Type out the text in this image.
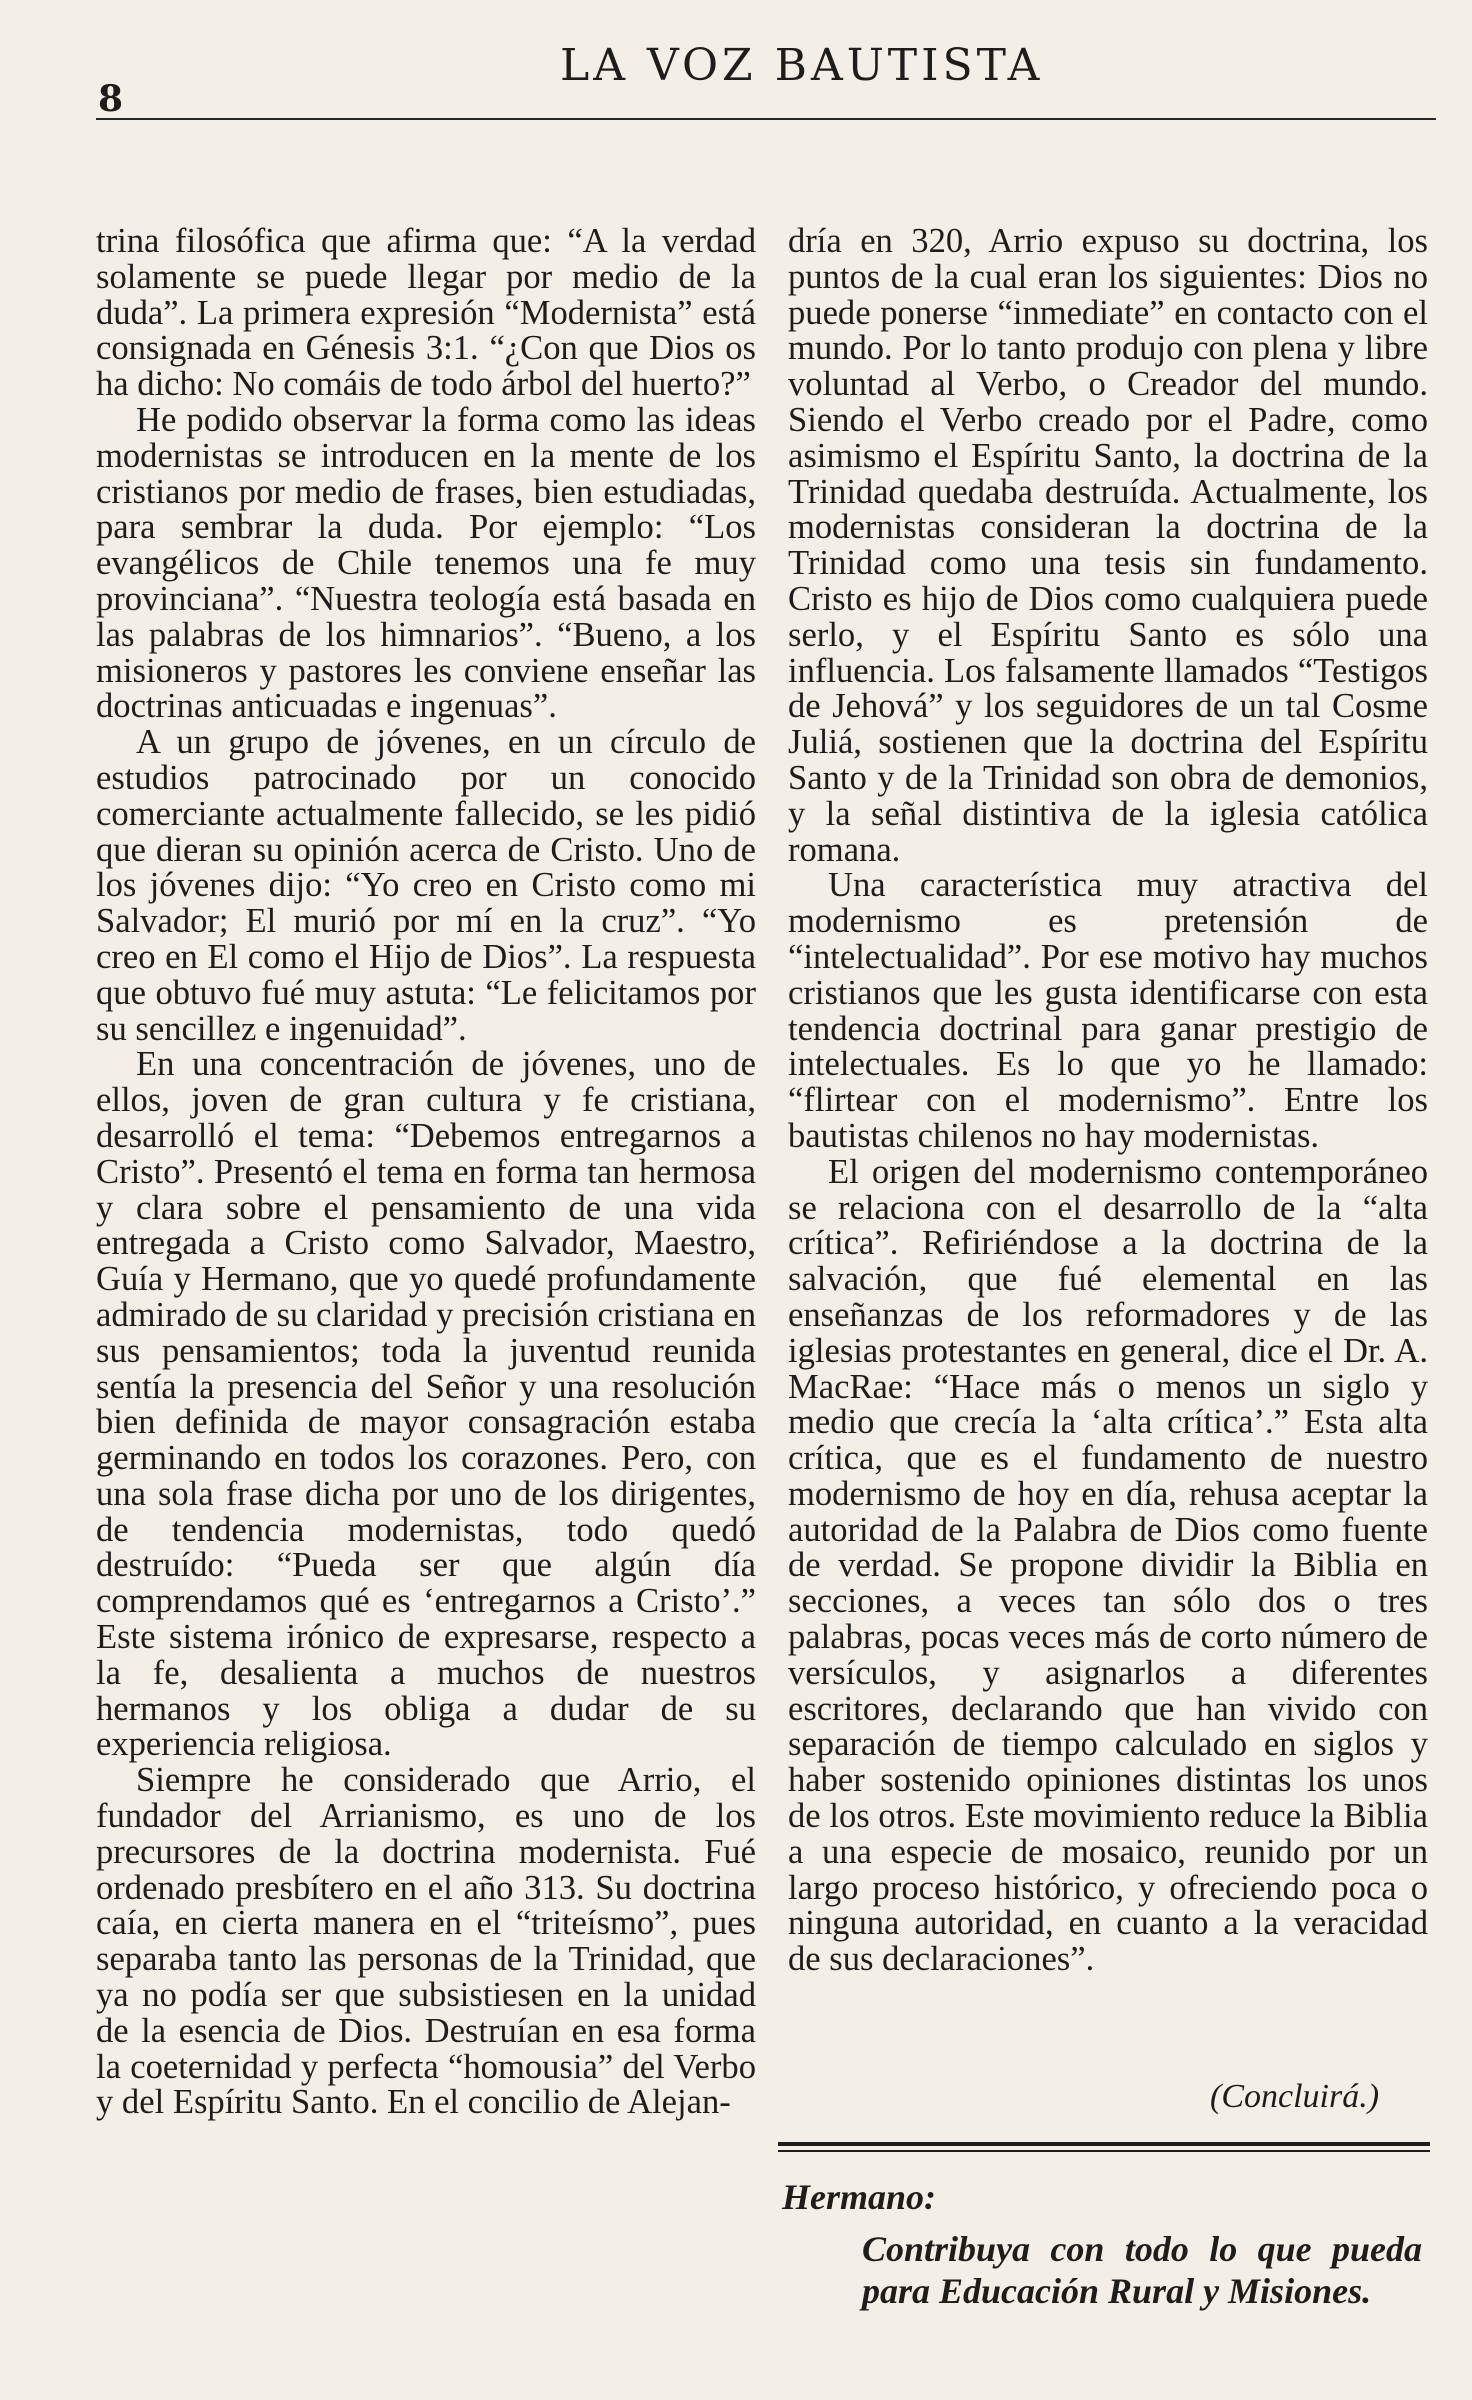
8
LA VOZ BAUTISTA

trina filosófica que afirma que: “A la verdad solamente se puede llegar por medio de la duda”. La primera expresión “Modernista” está consignada en Génesis 3:1. “¿Con que Dios os ha dicho: No comáis de todo árbol del huerto?”

He podido observar la forma como las ideas modernistas se introducen en la mente de los cristianos por medio de frases, bien estudiadas, para sembrar la duda. Por ejemplo: “Los evangélicos de Chile tenemos una fe muy provinciana”. “Nuestra teología está basada en las palabras de los himnarios”. “Bueno, a los misioneros y pastores les conviene enseñar las doctrinas anticuadas e ingenuas”.

A un grupo de jóvenes, en un círculo de estudios patrocinado por un conocido comerciante actualmente fallecido, se les pidió que dieran su opinión acerca de Cristo. Uno de los jóvenes dijo: “Yo creo en Cristo como mi Salvador; El murió por mí en la cruz”. “Yo creo en El como el Hijo de Dios”. La respuesta que obtuvo fué muy astuta: “Le felicitamos por su sencillez e ingenuidad”.

En una concentración de jóvenes, uno de ellos, joven de gran cultura y fe cristiana, desarrolló el tema: “Debemos entregarnos a Cristo”. Presentó el tema en forma tan hermosa y clara sobre el pensamiento de una vida entregada a Cristo como Salvador, Maestro, Guía y Hermano, que yo quedé profundamente admirado de su claridad y precisión cristiana en sus pensamientos; toda la juventud reunida sentía la presencia del Señor y una resolución bien definida de mayor consagración estaba germinando en todos los corazones. Pero, con una sola frase dicha por uno de los dirigentes, de tendencia modernistas, todo quedó destruído: “Pueda ser que algún día comprendamos qué es ‘entregarnos a Cristo’.” Este sistema irónico de expresarse, respecto a la fe, desalienta a muchos de nuestros hermanos y los obliga a dudar de su experiencia religiosa.

Siempre he considerado que Arrio, el fundador del Arrianismo, es uno de los precursores de la doctrina modernista. Fué ordenado presbítero en el año 313. Su doctrina caía, en cierta manera en el “triteísmo”, pues separaba tanto las personas de la Trinidad, que ya no podía ser que subsistiesen en la unidad de la esencia de Dios. Destruían en esa forma la coeternidad y perfecta “homousia” del Verbo y del Espíritu Santo. En el concilio de Alejan-

dría en 320, Arrio expuso su doctrina, los puntos de la cual eran los siguientes: Dios no puede ponerse “inmediate” en contacto con el mundo. Por lo tanto produjo con plena y libre voluntad al Verbo, o Creador del mundo. Siendo el Verbo creado por el Padre, como asimismo el Espíritu Santo, la doctrina de la Trinidad quedaba destruída. Actualmente, los modernistas consideran la doctrina de la Trinidad como una tesis sin fundamento. Cristo es hijo de Dios como cualquiera puede serlo, y el Espíritu Santo es sólo una influencia. Los falsamente llamados “Testigos de Jehová” y los seguidores de un tal Cosme Juliá, sostienen que la doctrina del Espíritu Santo y de la Trinidad son obra de demonios, y la señal distintiva de la iglesia católica romana.

Una característica muy atractiva del modernismo es pretensión de “intelectualidad”. Por ese motivo hay muchos cristianos que les gusta identificarse con esta tendencia doctrinal para ganar prestigio de intelectuales. Es lo que yo he llamado: “flirtear con el modernismo”. Entre los bautistas chilenos no hay modernistas.

El origen del modernismo contemporáneo se relaciona con el desarrollo de la “alta crítica”. Refiriéndose a la doctrina de la salvación, que fué elemental en las enseñanzas de los reformadores y de las iglesias protestantes en general, dice el Dr. A. MacRae: “Hace más o menos un siglo y medio que crecía la ‘alta crítica’.” Esta alta crítica, que es el fundamento de nuestro modernismo de hoy en día, rehusa aceptar la autoridad de la Palabra de Dios como fuente de verdad. Se propone dividir la Biblia en secciones, a veces tan sólo dos o tres palabras, pocas veces más de corto número de versículos, y asignarlos a diferentes escritores, declarando que han vivido con separación de tiempo calculado en siglos y haber sostenido opiniones distintas los unos de los otros. Este movimiento reduce la Biblia a una especie de mosaico, reunido por un largo proceso histórico, y ofreciendo poca o ninguna autoridad, en cuanto a la veracidad de sus declaraciones”.

(Concluirá.)
Hermano:
Contribuya con todo lo que pueda para Educación Rural y Misiones.
